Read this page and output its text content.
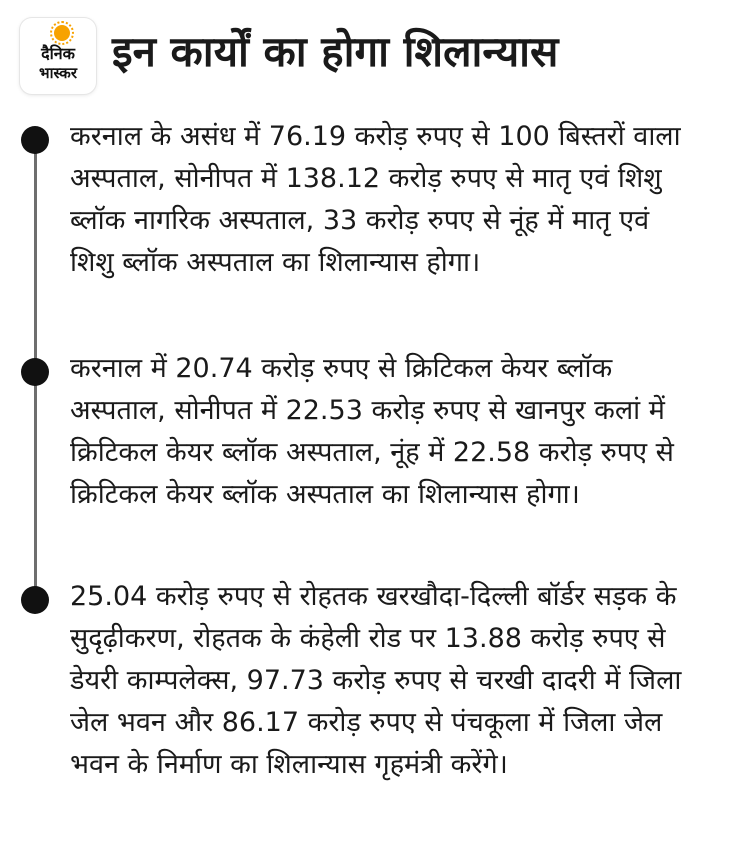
दैनिक
भास्कर इन कार्यों का होगा शिलान्यास

करनाल के असंध में 76.19 करोड़ रुपए से 100 बिस्तरों वाला अस्पताल, सोनीपत में 138.12 करोड़ रुपए से मातृ एवं शिशु ब्लॉक नागरिक अस्पताल, 33 करोड़ रुपए से नूंह में मातृ एवं शिशु ब्लॉक अस्पताल का शिलान्यास होगा।

करनाल में 20.74 करोड़ रुपए से क्रिटिकल केयर ब्लॉक अस्पताल, सोनीपत में 22.53 करोड़ रुपए से खानपुर कलां में क्रिटिकल केयर ब्लॉक अस्पताल, नूंह में 22.58 करोड़ रुपए से क्रिटिकल केयर ब्लॉक अस्पताल का शिलान्यास होगा।

25.04 करोड़ रुपए से रोहतक खरखौदा-दिल्ली बॉर्डर सड़क के सुदृढ़ीकरण, रोहतक के कंहेली रोड पर 13.88 करोड़ रुपए से डेयरी काम्पलेक्स, 97.73 करोड़ रुपए से चरखी दादरी में जिला जेल भवन और 86.17 करोड़ रुपए से पंचकूला में जिला जेल भवन के निर्माण का शिलान्यास गृहमंत्री करेंगे।
